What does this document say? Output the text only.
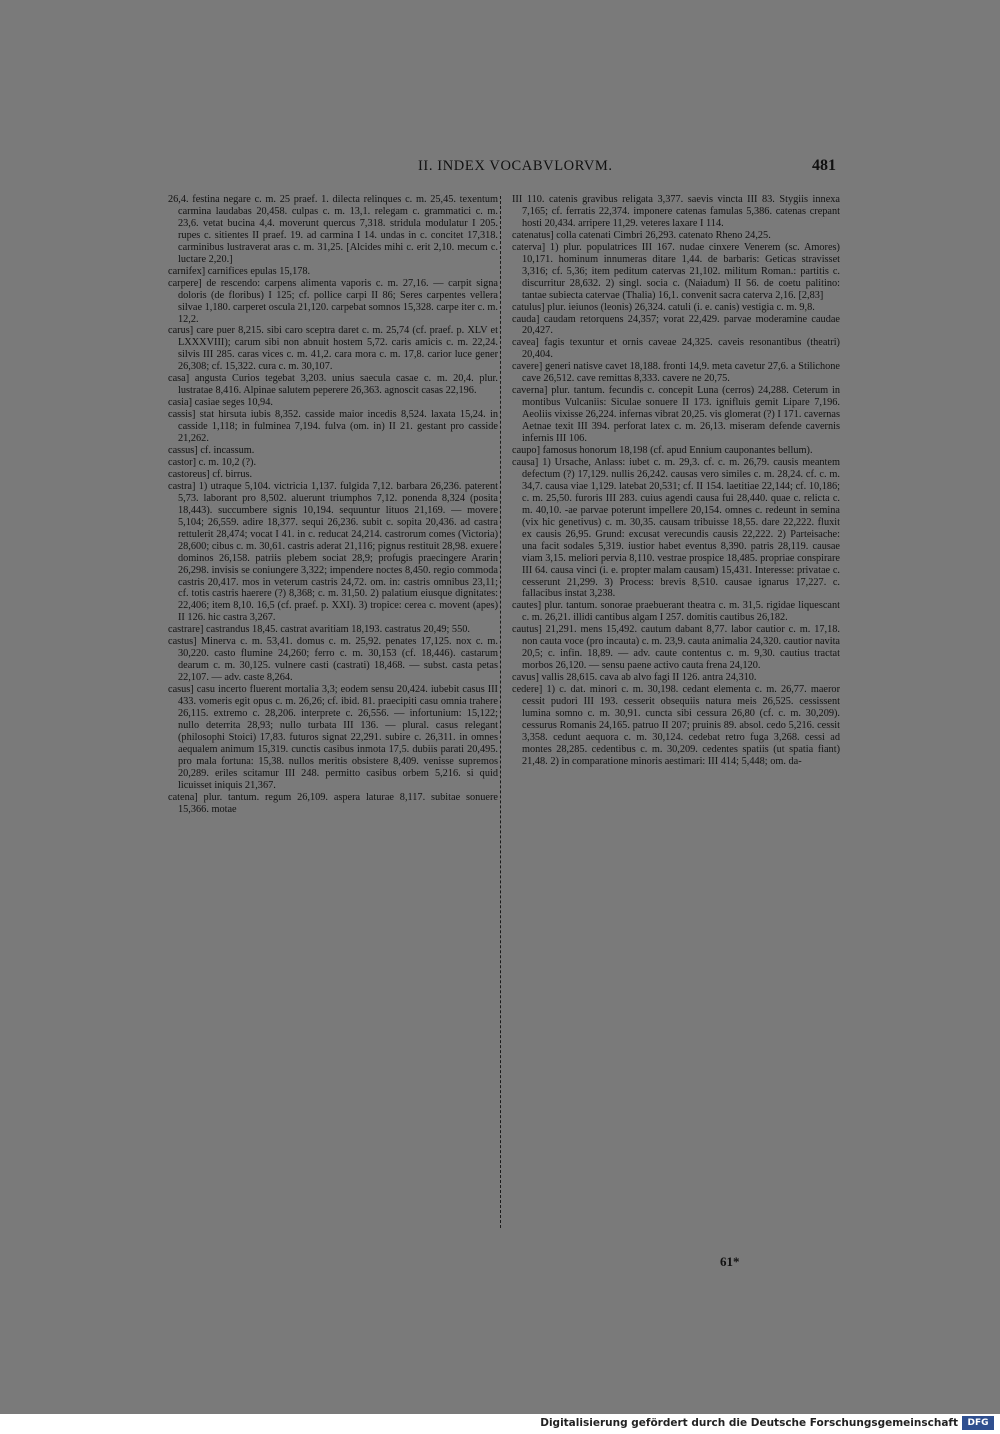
II. INDEX VOCABVLORVM.	481

26,4. festina negare c. m. 25 praef. 1. dilecta relinques c. m. 25,45. texentum carmina laudabas 20,458. culpas c. m. 13,1. relegam c. grammatici c. m. 23,6. vetat bucina 4,4. moverunt quercus 7,318. stridula modulatur I 205. rupes c. sitientes II praef. 19. ad carmina I 14. undas in c. concitet 17,318. carminibus lustraverat aras c. m. 31,25. [Alcides mihi c. erit 2,10. mecum c. luctare 2,20.]

carnifex] carnifices epulas 15,178.

carpere] de rescendo: carpens alimenta vaporis c. m. 27,16. — carpit signa doloris (de floribus) I 125; cf. pollice carpi II 86; Seres carpentes vellera silvae 1,180. carperet oscula 21,120. carpebat somnos 15,328. carpe iter c. m. 12,2.

carus] care puer 8,215. sibi caro sceptra daret c. m. 25,74 (cf. praef. p. XLV et LXXXVIII); carum sibi non abnuit hostem 5,72. caris amicis c. m. 22,24. silvis III 285. caras vices c. m. 41,2. cara mora c. m. 17,8. carior luce gener 26,308; cf. 15,322. cura c. m. 30,107.

casa] angusta Curios tegebat 3,203. unius saecula casae c. m. 20,4. plur. lustratae 8,416. Alpinae salutem peperere 26,363. agnoscit casas 22,196.

casia] casiae seges 10,94.

cassis] stat hirsuta iubis 8,352. casside maior incedis 8,524. laxata 15,24. in casside 1,118; in fulminea 7,194. fulva (om. in) II 21. gestant pro casside 21,262.

cassus] cf. incassum.

castor] c. m. 10,2 (?).

castoreus] cf. birrus.

castra] 1) utraque 5,104. victricia 1,137. fulgida 7,12. barbara 26,236. paterent 5,73. laborant pro 8,502. aluerunt triumphos 7,12. ponenda 8,324 (posita 18,443). succumbere signis 10,194. sequuntur lituos 21,169. — movere 5,104; 26,559. adire 18,377. sequi 26,236. subit c. sopita 20,436. ad castra rettulerit 28,474; vocat I 41. in c. reducat 24,214. castrorum comes (Victoria) 28,600; cibus c. m. 30,61. castris aderat 21,116; pignus restituit 28,98. exuere dominos 26,158. patriis plebem sociat 28,9; profugis praecingere Ararin 26,298. invisis se coniungere 3,322; impendere noctes 8,450. regio commoda castris 20,417. mos in veterum castris 24,72. om. in: castris omnibus 23,11; cf. totis castris haerere (?) 8,368; c. m. 31,50. 2) palatium eiusque dignitates: 22,406; item 8,10. 16,5 (cf. praef. p. XXI). 3) tropice: cerea c. movent (apes) II 126. hic castra 3,267.

castrare] castrandus 18,45. castrat avaritiam 18,193. castratus 20,49; 550.

castus] Minerva c. m. 53,41. domus c. m. 25,92. penates 17,125. nox c. m. 30,220. casto flumine 24,260; ferro c. m. 30,153 (cf. 18,446). castarum dearum c. m. 30,125. vulnere casti (castrati) 18,468. — subst. casta petas 22,107. — adv. caste 8,264.

casus] casu incerto fluerent mortalia 3,3; eodem sensu 20,424. iubebit casus III 433. vomeris egit opus c. m. 26,26; cf. ibid. 81. praecipiti casu omnia trahere 26,115. extremo c. 28,206. interprete c. 26,556. — infortunium: 15,122; nullo deterrita 28,93; nullo turbata III 136. — plural. casus relegant (philosophi Stoici) 17,83. futuros signat 22,291. subire c. 26,311. in omnes aequalem animum 15,319. cunctis casibus inmota 17,5. dubiis parati 20,495. pro mala fortuna: 15,38. nullos meritis obsistere 8,409. venisse supremos 20,289. eriles scitamur III 248. permitto casibus orbem 5,216. si quid licuisset iniquis 21,367.

catena] plur. tantum. regum 26,109. aspera laturae 8,117. subitae sonuere 15,366. motae

III 110. catenis gravibus religata 3,377. saevis vincta III 83. Stygiis innexa 7,165; cf. ferratis 22,374. imponere catenas famulas 5,386. catenas crepant hosti 20,434. arripere 11,29. veteres laxare I 114.

catenatus] colla catenati Cimbri 26,293. catenato Rheno 24,25.

caterva] 1) plur. populatrices III 167. nudae cinxere Venerem (sc. Amores) 10,171. hominum innumeras ditare 1,44. de barbaris: Geticas stravisset 3,316; cf. 5,36; item peditum catervas 21,102. militum Roman.: partitis c. discurritur 28,632. 2) singl. socia c. (Naiadum) II 56. de coetu palitino: tantae subiecta catervae (Thalia) 16,1. convenit sacra caterva 2,16. [2,83]

catulus] plur. ieiunos (leonis) 26,324. catuli (i. e. canis) vestigia c. m. 9,8.

cauda] caudam retorquens 24,357; vorat 22,429. parvae moderamine caudae 20,427.

cavea] fagis texuntur et ornis caveae 24,325. caveis resonantibus (theatri) 20,404.

cavere] generi natisve cavet 18,188. fronti 14,9. meta cavetur 27,6. a Stilichone cave 26,512. cave remittas 8,333. cavere ne 20,75.

caverna] plur. tantum. fecundis c. concepit Luna (cerros) 24,288. Ceterum in montibus Vulcaniis: Siculae sonuere II 173. ignifluis gemit Lipare 7,196. Aeoliis vixisse 26,224. infernas vibrat 20,25. vis glomerat (?) I 171. cavernas Aetnae texit III 394. perforat latex c. m. 26,13. miseram defende cavernis infernis III 106.

caupo] famosus honorum 18,198 (cf. apud Ennium cauponantes bellum).

causa] 1) Ursache, Anlass: iubet c. m. 29,3. cf. c. m. 26,79. causis meantem defectum (?) 17,129. nullis 26,242. causas vero similes c. m. 28,24. cf. c. m. 34,7. causa viae 1,129. latebat 20,531; cf. II 154. laetitiae 22,144; cf. 10,186; c. m. 25,50. furoris III 283. cuius agendi causa fui 28,440. quae c. relicta c. m. 40,10. -ae parvae poterunt impellere 20,154. omnes c. redeunt in semina (vix hic genetivus) c. m. 30,35. causam tribuisse 18,55. dare 22,222. fluxit ex causis 26,95. Grund: excusat verecundis causis 22,222. 2) Parteisache: una facit sodales 5,319. iustior habet eventus 8,390. patris 28,119. causae viam 3,15. meliori pervia 8,110. vestrae prospice 18,485. propriae conspirare III 64. causa vinci (i. e. propter malam causam) 15,431. Interesse: privatae c. cesserunt 21,299. 3) Process: brevis 8,510. causae ignarus 17,227. c. fallacibus instat 3,238.

cautes] plur. tantum. sonorae praebuerant theatra c. m. 31,5. rigidae liquescant c. m. 26,21. illidi cantibus algam I 257. domitis cautibus 26,182.

cautus] 21,291. mens 15,492. cautum dabant 8,77. labor cautior c. m. 17,18. non cauta voce (pro incauta) c. m. 23,9. cauta animalia 24,320. cautior navita 20,5; c. infin. 18,89. — adv. caute contentus c. m. 9,30. cautius tractat morbos 26,120. — sensu paene activo cauta frena 24,120.

cavus] vallis 28,615. cava ab alvo fagi II 126. antra 24,310.

cedere] 1) c. dat. minori c. m. 30,198. cedant elementa c. m. 26,77. maeror cessit pudori III 193. cesserit obsequiis natura meis 26,525. cessissent lumina somno c. m. 30,91. cuncta sibi cessura 26,80 (cf. c. m. 30,209). cessurus Romanis 24,165. patruo II 207; pruinis 89. absol. cedo 5,216. cessit 3,358. cedunt aequora c. m. 30,124. cedebat retro fuga 3,268. cessi ad montes 28,285. cedentibus c. m. 30,209. cedentes spatiis (ut spatia fiant) 21,48. 2) in comparatione minoris aestimari: III 414; 5,448; om. da-

61*
Digitalisierung gefördert durch die Deutsche Forschungsgemeinschaft	DFG
